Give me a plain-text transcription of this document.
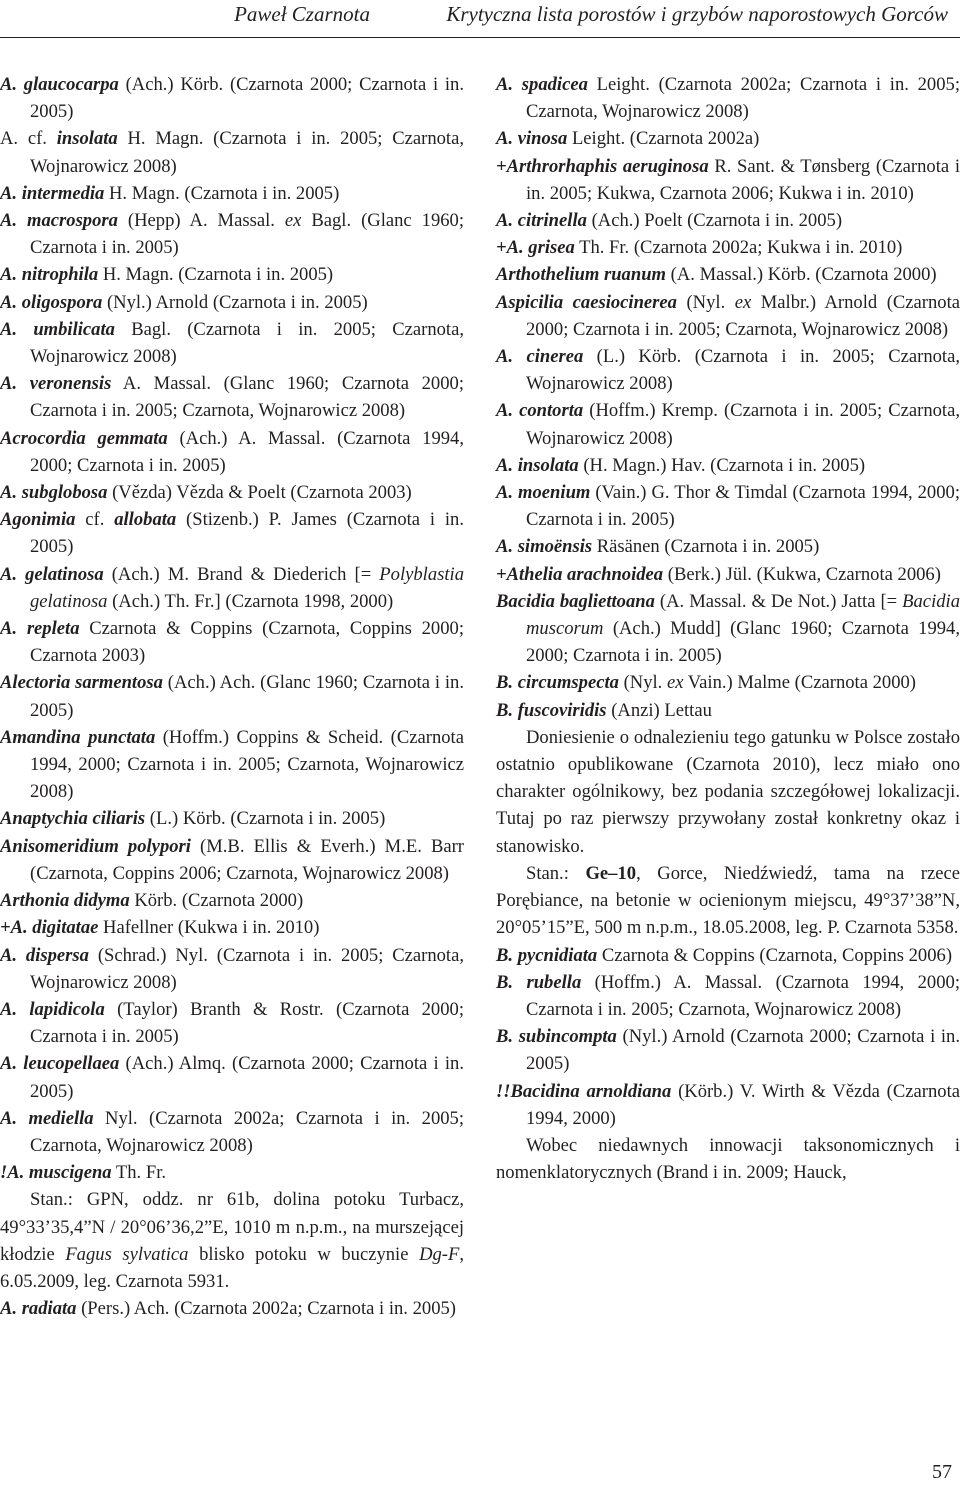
Paweł Czarnota	Krytyczna lista porostów i grzybów naporostowych Gorców

A. glaucocarpa (Ach.) Körb. (Czarnota 2000; Czarnota i in. 2005)

A. cf. insolata H. Magn. (Czarnota i in. 2005; Czarnota, Wojnarowicz 2008)

A. intermedia H. Magn. (Czarnota i in. 2005)

A. macrospora (Hepp) A. Massal. ex Bagl. (Glanc 1960; Czarnota i in. 2005)

A. nitrophila H. Magn. (Czarnota i in. 2005)

A. oligospora (Nyl.) Arnold (Czarnota i in. 2005)

A. umbilicata Bagl. (Czarnota i in. 2005; Czarnota, Wojnarowicz 2008)

A. veronensis A. Massal. (Glanc 1960; Czarnota 2000; Czarnota i in. 2005; Czarnota, Wojnarowicz 2008)

Acrocordia gemmata (Ach.) A. Massal. (Czarnota 1994, 2000; Czarnota i in. 2005)

A. subglobosa (Vězda) Vězda & Poelt (Czarnota 2003)

Agonimia cf. allobata (Stizenb.) P. James (Czarnota i in. 2005)

A. gelatinosa (Ach.) M. Brand & Diederich [= Polyblastia gelatinosa (Ach.) Th. Fr.] (Czarnota 1998, 2000)

A. repleta Czarnota & Coppins (Czarnota, Coppins 2000; Czarnota 2003)

Alectoria sarmentosa (Ach.) Ach. (Glanc 1960; Czarnota i in. 2005)

Amandina punctata (Hoffm.) Coppins & Scheid. (Czarnota 1994, 2000; Czarnota i in. 2005; Czarnota, Wojnarowicz 2008)

Anaptychia ciliaris (L.) Körb. (Czarnota i in. 2005)

Anisomeridium polypori (M.B. Ellis & Everh.) M.E. Barr (Czarnota, Coppins 2006; Czarnota, Wojnarowicz 2008)

Arthonia didyma Körb. (Czarnota 2000)

+A. digitatae Hafellner (Kukwa i in. 2010)

A. dispersa (Schrad.) Nyl. (Czarnota i in. 2005; Czarnota, Wojnarowicz 2008)

A. lapidicola (Taylor) Branth & Rostr. (Czarnota 2000; Czarnota i in. 2005)

A. leucopellaea (Ach.) Almq. (Czarnota 2000; Czarnota i in. 2005)

A. mediella Nyl. (Czarnota 2002a; Czarnota i in. 2005; Czarnota, Wojnarowicz 2008)

!A. muscigena Th. Fr.

Stan.: GPN, oddz. nr 61b, dolina potoku Turbacz, 49°33’35,4”N / 20°06’36,2”E, 1010 m n.p.m., na murszejącej kłodzie Fagus sylvatica blisko potoku w buczynie Dg-F, 6.05.2009, leg. Czarnota 5931.

A. radiata (Pers.) Ach. (Czarnota 2002a; Czarnota i in. 2005)

A. spadicea Leight. (Czarnota 2002a; Czarnota i in. 2005; Czarnota, Wojnarowicz 2008)

A. vinosa Leight. (Czarnota 2002a)

+Arthrorhaphis aeruginosa R. Sant. & Tønsberg (Czarnota i in. 2005; Kukwa, Czarnota 2006; Kukwa i in. 2010)

A. citrinella (Ach.) Poelt (Czarnota i in. 2005)

+A. grisea Th. Fr. (Czarnota 2002a; Kukwa i in. 2010)

Arthothelium ruanum (A. Massal.) Körb. (Czarnota 2000)

Aspicilia caesiocinerea (Nyl. ex Malbr.) Arnold (Czarnota 2000; Czarnota i in. 2005; Czarnota, Wojnarowicz 2008)

A. cinerea (L.) Körb. (Czarnota i in. 2005; Czarnota, Wojnarowicz 2008)

A. contorta (Hoffm.) Kremp. (Czarnota i in. 2005; Czarnota, Wojnarowicz 2008)

A. insolata (H. Magn.) Hav. (Czarnota i in. 2005)

A. moenium (Vain.) G. Thor & Timdal (Czarnota 1994, 2000; Czarnota i in. 2005)

A. simoënsis Räsänen (Czarnota i in. 2005)

+Athelia arachnoidea (Berk.) Jül. (Kukwa, Czarnota 2006)

Bacidia bagliettoana (A. Massal. & De Not.) Jatta [= Bacidia muscorum (Ach.) Mudd] (Glanc 1960; Czarnota 1994, 2000; Czarnota i in. 2005)

B. circumspecta (Nyl. ex Vain.) Malme (Czarnota 2000)

B. fuscoviridis (Anzi) Lettau

Doniesienie o odnalezieniu tego gatunku w Polsce zostało ostatnio opublikowane (Czarnota 2010), lecz miało ono charakter ogólnikowy, bez podania szczegółowej lokalizacji. Tutaj po raz pierwszy przywołany został konkretny okaz i stanowisko.

Stan.: Ge–10, Gorce, Niedźwiedź, tama na rzece Porębiance, na betonie w ocienionym miejscu, 49°37’38”N, 20°05’15”E, 500 m n.p.m., 18.05.2008, leg. P. Czarnota 5358.

B. pycnidiata Czarnota & Coppins (Czarnota, Coppins 2006)

B. rubella (Hoffm.) A. Massal. (Czarnota 1994, 2000; Czarnota i in. 2005; Czarnota, Wojnarowicz 2008)

B. subincompta (Nyl.) Arnold (Czarnota 2000; Czarnota i in. 2005)

!!Bacidina arnoldiana (Körb.) V. Wirth & Vězda (Czarnota 1994, 2000)

Wobec niedawnych innowacji taksonomicznych i nomenklatorycznych (Brand i in. 2009; Hauck,

57
